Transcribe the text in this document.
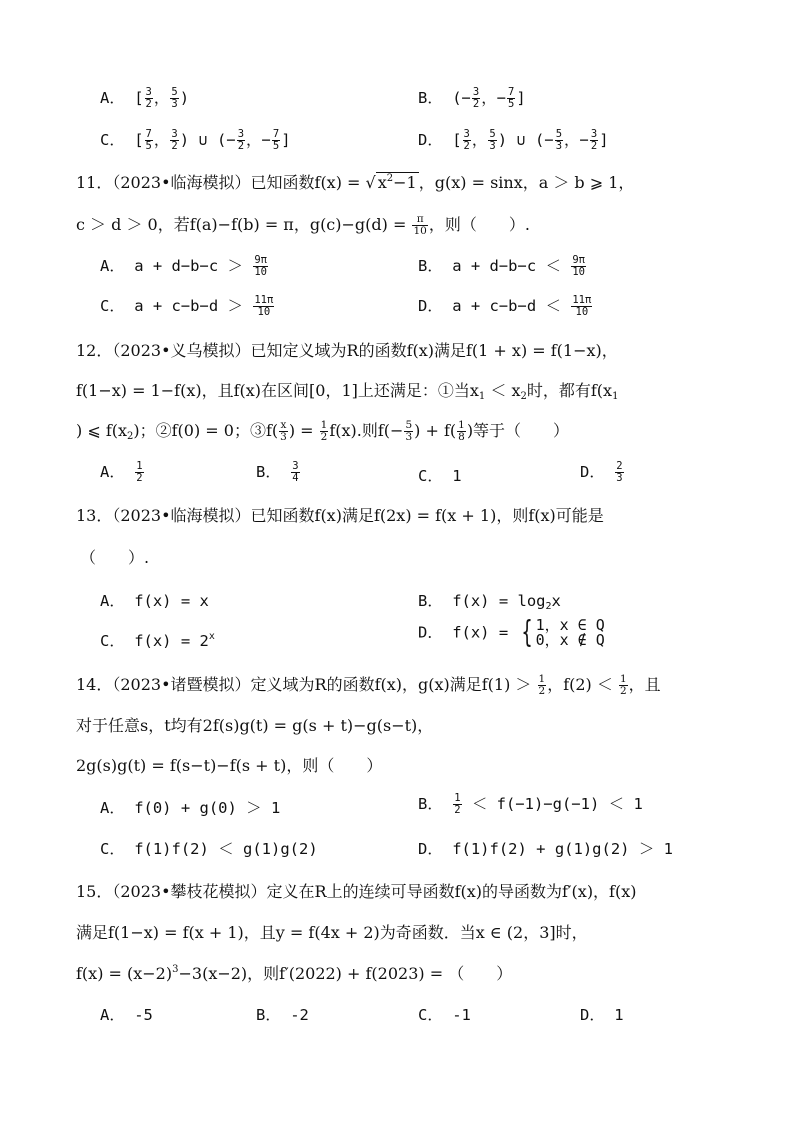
A． [ $\frac{3}{2}$ ， $\frac{5}{3}$ )	B． (− $\frac{3}{2}$ ，− $\frac{7}{5}$ ]
C． [ $\frac{7}{5}$ ， $\frac{3}{2}$ ) ∪ (− $\frac{3}{2}$ ，− $\frac{7}{5}$ ]	D． [ $\frac{3}{2}$ ， $\frac{5}{3}$ ) ∪ (− $\frac{5}{3}$ ，− $\frac{3}{2}$ ]
11．（2023•临海模拟）已知函数f(x) = √ $x^2-1$ ，g(x) = sinx，a ＞ b ⩾ 1，
c ＞ d ＞ 0，若f(a)−f(b) = π，$g(c)-g(d) = \frac{\pi}{10}$ ，则（　　）.
A． $a + d-b-c > \frac{9\pi}{10}$	B． $a + d-b-c < \frac{9\pi}{10}$
C． $a + c-b-d > \frac{11\pi}{10}$	D． $a + c-b-d < \frac{11\pi}{10}$
12．（2023•义乌模拟）已知定义域为R的函数f(x)满足f(1 + x) = f(1−x)，
f(1−x) = 1−f(x)，且f(x)在区间[0，1]上还满足：①当$x_1 < x_2$时，都有$f(x_1$
) ⩽ $f(x_2)$；②f(0) = 0；③f( $\frac{x}{3}$ ) = $\frac{1}{2} f(x)$.则$f(- \frac{5}{3}$ ) + $f( \frac{1}{8}$ )等于（　　）
A． $\frac{1}{2}$	B． $\frac{3}{4}$	C． 1	D． $\frac{2}{3}$
13．（2023•临海模拟）已知函数f(x)满足f(2x) = f(x + 1)，则f(x)可能是
（　　）.
A． f(x) = x	B． $f(x) = \log_2x$
C． $f(x) = 2^x$	D． f(x) = { 1，x ∈ Q
0，x ∉ Q
14．（2023•诸暨模拟）定义域为R的函数f(x)，g(x)满足$f(1) > \frac{1}{2}$ ，$f(2) < \frac{1}{2}$ ，且
对于任意s，t均有2f(s)g(t) = g(s + t)−g(s−t)，
2g(s)g(t) = f(s−t)−f(s + t)，则（　　）
A． f(0) + g(0) ＞ 1	B． $\frac{1}{2} < f(-1)-g(-1) < 1$
C． f(1)f(2) ＜ g(1)g(2)	D． f(1)f(2) + g(1)g(2) ＞ 1
15．（2023•攀枝花模拟）定义在R上的连续可导函数f(x)的导函数为f′(x)，f(x)
满足f(1−x) = f(x + 1)，且y = f(4x + 2)为奇函数．当x ∈ (2，3]时，
$f(x) = (x-2)^3-3(x-2)$，则f′(2022) + f(2023) = （　　）
A． -5	B． -2	C． -1	D． 1
